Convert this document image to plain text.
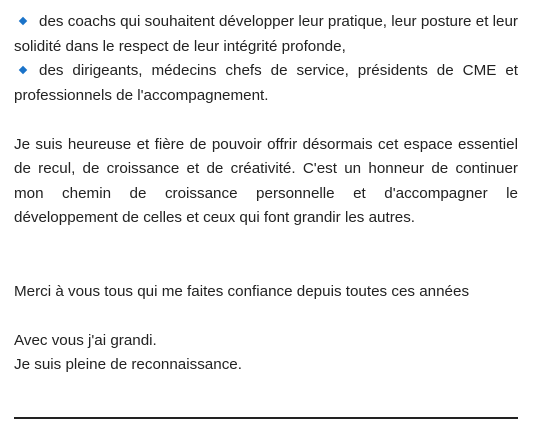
des coachs qui souhaitent développer leur pratique, leur posture et leur solidité dans le respect de leur intégrité profonde,

des dirigeants, médecins chefs de service, présidents de CME et professionnels de l'accompagnement.

Je suis heureuse et fière de pouvoir offrir désormais cet espace essentiel de recul, de croissance et de créativité. C'est un honneur de continuer mon chemin de croissance personnelle et d'accompagner le développement de celles et ceux qui font grandir les autres.

Merci à vous tous qui me faites confiance depuis toutes ces années

Avec vous j'ai grandi.

Je suis pleine de reconnaissance.
